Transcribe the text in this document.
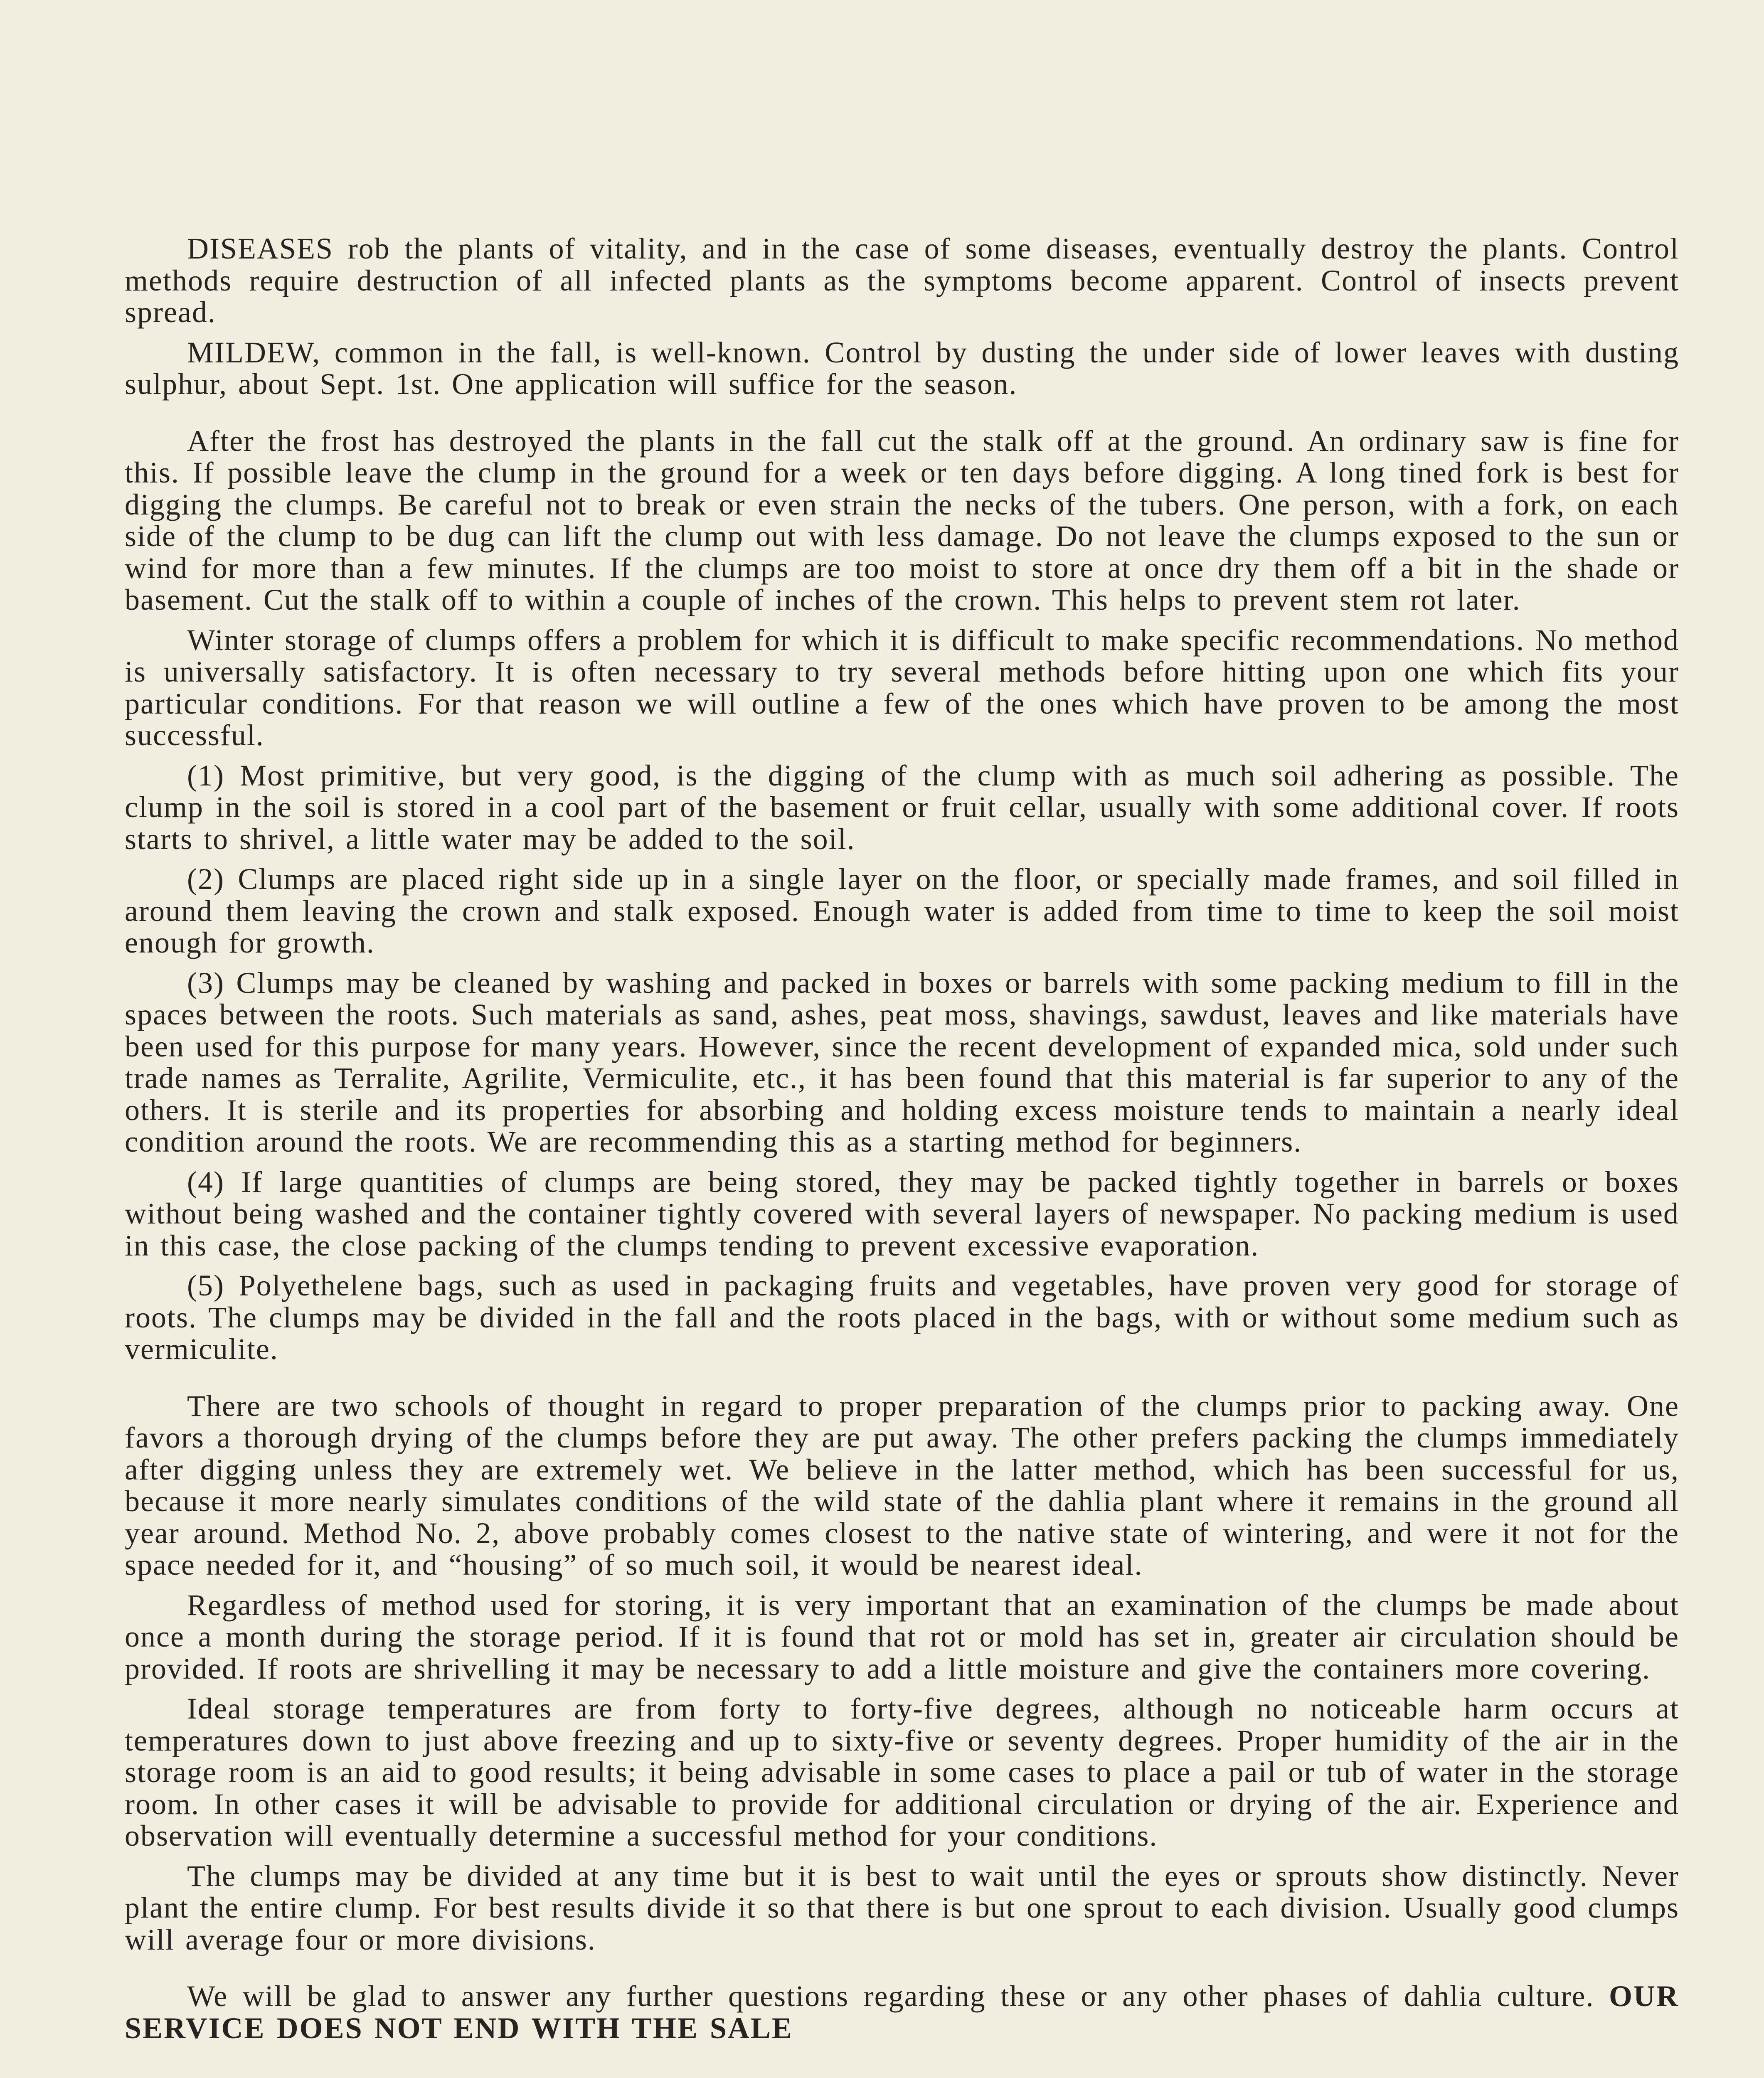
DISEASES rob the plants of vitality, and in the case of some diseases, eventually destroy the plants. Control methods require destruction of all infected plants as the symptoms become apparent. Control of insects prevent spread.

MILDEW, common in the fall, is well-known. Control by dusting the under side of lower leaves with dusting sulphur, about Sept. 1st. One application will suffice for the season.

After the frost has destroyed the plants in the fall cut the stalk off at the ground. An ordinary saw is fine for this. If possible leave the clump in the ground for a week or ten days before digging. A long tined fork is best for digging the clumps. Be careful not to break or even strain the necks of the tubers. One person, with a fork, on each side of the clump to be dug can lift the clump out with less damage. Do not leave the clumps exposed to the sun or wind for more than a few minutes. If the clumps are too moist to store at once dry them off a bit in the shade or basement. Cut the stalk off to within a couple of inches of the crown. This helps to prevent stem rot later.

Winter storage of clumps offers a problem for which it is difficult to make specific recommendations. No method is universally satisfactory. It is often necessary to try several methods before hitting upon one which fits your particular conditions. For that reason we will outline a few of the ones which have proven to be among the most successful.

(1) Most primitive, but very good, is the digging of the clump with as much soil adhering as possible. The clump in the soil is stored in a cool part of the basement or fruit cellar, usually with some additional cover. If roots starts to shrivel, a little water may be added to the soil.

(2) Clumps are placed right side up in a single layer on the floor, or specially made frames, and soil filled in around them leaving the crown and stalk exposed. Enough water is added from time to time to keep the soil moist enough for growth.

(3) Clumps may be cleaned by washing and packed in boxes or barrels with some packing medium to fill in the spaces between the roots. Such materials as sand, ashes, peat moss, shavings, sawdust, leaves and like materials have been used for this purpose for many years. However, since the recent development of expanded mica, sold under such trade names as Terralite, Agrilite, Vermiculite, etc., it has been found that this material is far superior to any of the others. It is sterile and its properties for absorbing and holding excess moisture tends to maintain a nearly ideal condition around the roots. We are recommending this as a starting method for beginners.

(4) If large quantities of clumps are being stored, they may be packed tightly together in barrels or boxes without being washed and the container tightly covered with several layers of newspaper. No packing medium is used in this case, the close packing of the clumps tending to prevent excessive evaporation.

(5) Polyethelene bags, such as used in packaging fruits and vegetables, have proven very good for storage of roots. The clumps may be divided in the fall and the roots placed in the bags, with or without some medium such as vermiculite.

There are two schools of thought in regard to proper preparation of the clumps prior to packing away. One favors a thorough drying of the clumps before they are put away. The other prefers packing the clumps immediately after digging unless they are extremely wet. We believe in the latter method, which has been successful for us, because it more nearly simulates conditions of the wild state of the dahlia plant where it remains in the ground all year around. Method No. 2, above probably comes closest to the native state of wintering, and were it not for the space needed for it, and “housing” of so much soil, it would be nearest ideal.

Regardless of method used for storing, it is very important that an examination of the clumps be made about once a month during the storage period. If it is found that rot or mold has set in, greater air circulation should be provided. If roots are shrivelling it may be necessary to add a little moisture and give the containers more covering.

Ideal storage temperatures are from forty to forty-five degrees, although no noticeable harm occurs at temperatures down to just above freezing and up to sixty-five or seventy degrees. Proper humidity of the air in the storage room is an aid to good results; it being advisable in some cases to place a pail or tub of water in the storage room. In other cases it will be advisable to provide for additional circulation or drying of the air. Experience and observation will eventually determine a successful method for your conditions.

The clumps may be divided at any time but it is best to wait until the eyes or sprouts show distinctly. Never plant the entire clump. For best results divide it so that there is but one sprout to each division. Usually good clumps will average four or more divisions.

We will be glad to answer any further questions regarding these or any other phases of dahlia culture. OUR SERVICE DOES NOT END WITH THE SALE
